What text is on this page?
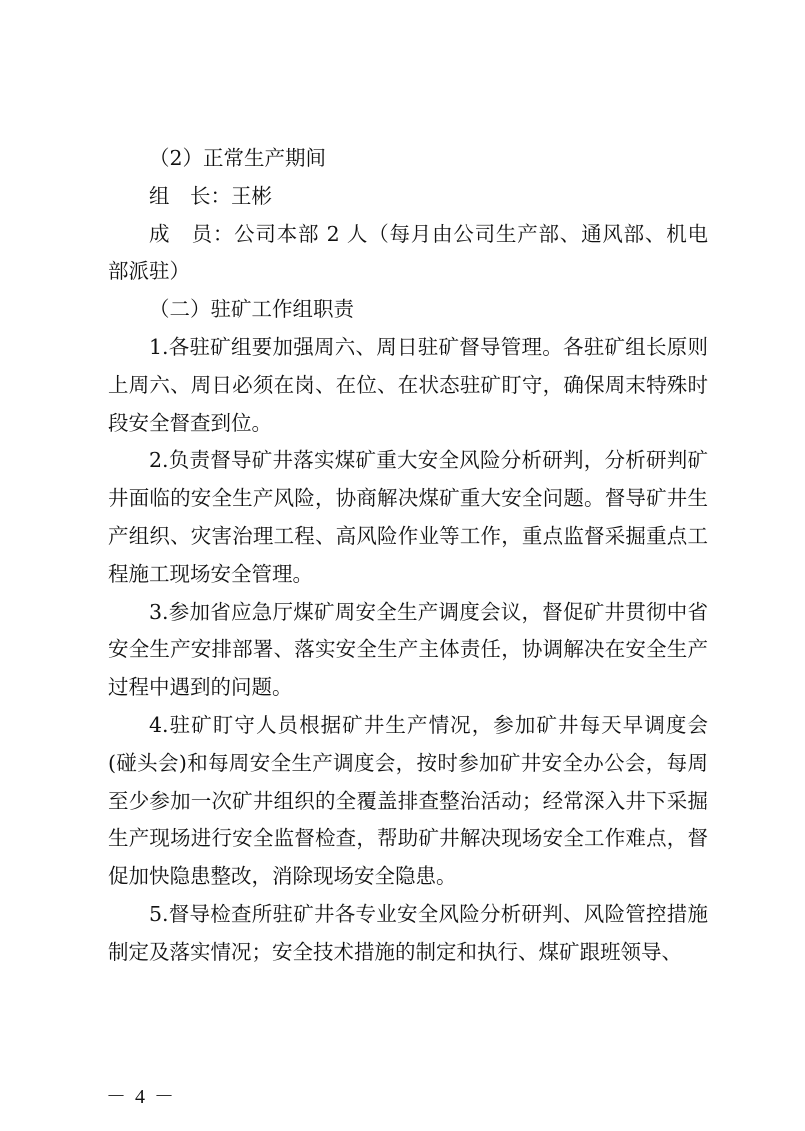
（2）正常生产期间

组　长：王彬

成　员：公司本部 2 人（每月由公司生产部、通风部、机电部派驻）

（二）驻矿工作组职责

1.各驻矿组要加强周六、周日驻矿督导管理。各驻矿组长原则上周六、周日必须在岗、在位、在状态驻矿盯守，确保周末特殊时段安全督查到位。

2.负责督导矿井落实煤矿重大安全风险分析研判，分析研判矿井面临的安全生产风险，协商解决煤矿重大安全问题。督导矿井生产组织、灾害治理工程、高风险作业等工作，重点监督采掘重点工程施工现场安全管理。

3.参加省应急厅煤矿周安全生产调度会议，督促矿井贯彻中省安全生产安排部署、落实安全生产主体责任，协调解决在安全生产过程中遇到的问题。

4.驻矿盯守人员根据矿井生产情况，参加矿井每天早调度会(碰头会)和每周安全生产调度会，按时参加矿井安全办公会，每周至少参加一次矿井组织的全覆盖排查整治活动；经常深入井下采掘生产现场进行安全监督检查，帮助矿井解决现场安全工作难点，督促加快隐患整改，消除现场安全隐患。

5.督导检查所驻矿井各专业安全风险分析研判、风险管控措施制定及落实情况；安全技术措施的制定和执行、煤矿跟班领导、

－ 4 －
